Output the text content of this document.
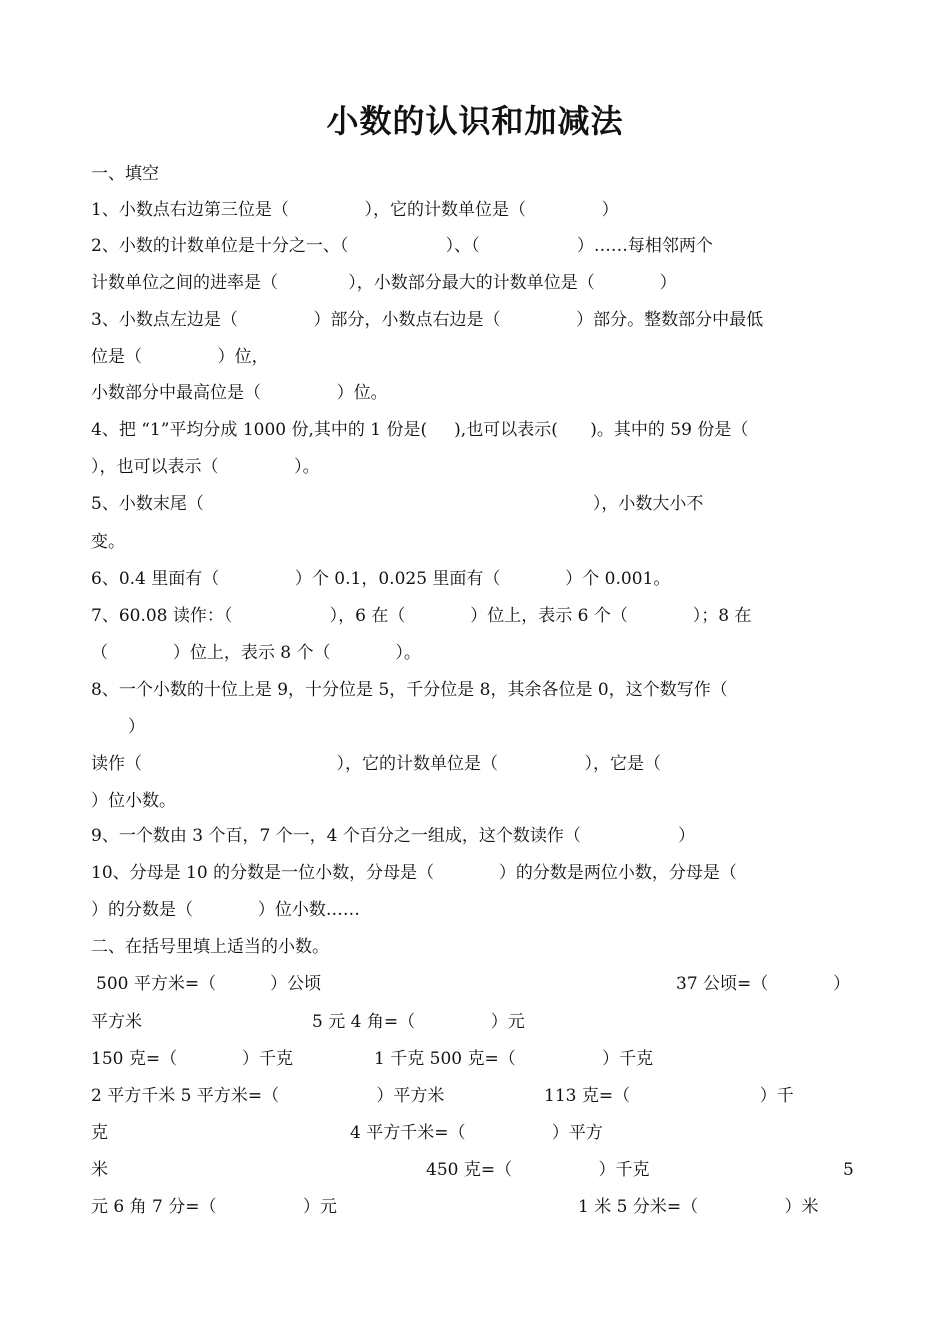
小数的认识和加减法
一、填空
1、小数点右边第三位是（              ），它的计数单位是（              ）
2、小数的计数单位是十分之一、（                  ）、（                  ）……每相邻两个
计数单位之间的进率是（             ），小数部分最大的计数单位是（            ）
3、小数点左边是（              ）部分，小数点右边是（              ）部分。整数部分中最低
位是（              ）位，
小数部分中最高位是（              ）位。
4、把 “1”平均分成 1000 份,其中的 1 份是(     ),也可以表示(      )。其中的 59 份是（
），也可以表示（              ）。
5、小数末尾（                                                                        ），小数大小不
变。
6、0.4 里面有（              ）个 0.1，0.025 里面有（            ）个 0.001。
7、60.08 读作：（                  ），6 在（            ）位上，表示 6 个（            ）；8 在
（            ）位上，表示 8 个（            ）。
8、一个小数的十位上是 9，十分位是 5，千分位是 8，其余各位是 0，这个数写作（
）
读作（                                    ），它的计数单位是（                ），它是（
）位小数。
9、一个数由 3 个百，7 个一，4 个百分之一组成，这个数读作（                  ）
10、分母是 10 的分数是一位小数，分母是（            ）的分数是两位小数，分母是（
）的分数是（            ）位小数……
二、在括号里填上适当的小数。
500 平方米=（          ）公顷	37 公顷=（            ）
平方米	5 元 4 角=（              ）元
150 克=（            ）千克	1 千克 500 克=（                ）千克
2 平方千米 5 平方米=（                  ）平方米	113 克=（                        ）千
克	4 平方千米=（                ）平方
米	450 克=（                ）千克	5
元 6 角 7 分=（                ）元	1 米 5 分米=（                ）米
